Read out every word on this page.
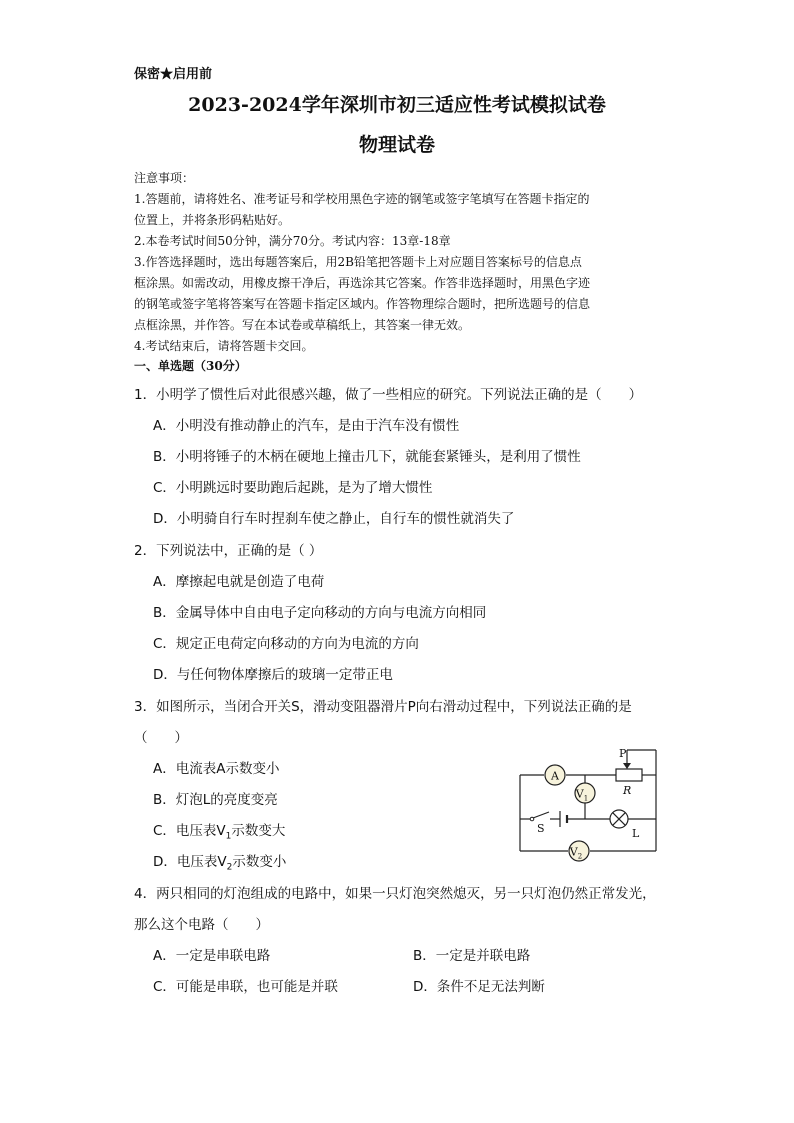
保密★启用前
2023-2024学年深圳市初三适应性考试模拟试卷
物理试卷
注意事项：
1.答题前，请将姓名、准考证号和学校用黑色字迹的钢笔或签字笔填写在答题卡指定的
位置上，并将条形码粘贴好。
2.本卷考试时间50分钟，满分70分。考试内容：13章-18章
3.作答选择题时，选出每题答案后，用2B铅笔把答题卡上对应题目答案标号的信息点
框涂黑。如需改动，用橡皮擦干净后，再选涂其它答案。作答非选择题时，用黑色字迹
的钢笔或签字笔将答案写在答题卡指定区域内。作答物理综合题时，把所选题号的信息
点框涂黑，并作答。写在本试卷或草稿纸上，其答案一律无效。
4.考试结束后，请将答题卡交回。
一、单选题（30分）
1．小明学了惯性后对此很感兴趣，做了一些相应的研究。下列说法正确的是（　　）
A．小明没有推动静止的汽车，是由于汽车没有惯性
B．小明将锤子的木柄在硬地上撞击几下，就能套紧锤头，是利用了惯性
C．小明跳远时要助跑后起跳，是为了增大惯性
D．小明骑自行车时捏刹车使之静止，自行车的惯性就消失了
2．下列说法中，正确的是（ ）
A．摩擦起电就是创造了电荷
B．金属导体中自由电子定向移动的方向与电流方向相同
C．规定正电荷定向移动的方向为电流的方向
D．与任何物体摩擦后的玻璃一定带正电
3．如图所示，当闭合开关S，滑动变阻器滑片P向右滑动过程中，下列说法正确的是
（　　）
A．电流表A示数变小
B．灯泡L的亮度变亮
C．电压表$V_1$示数变大
D．电压表$V_2$示数变小
A
$V_1$
$V_2$
P
R
S	L
4．两只相同的灯泡组成的电路中，如果一只灯泡突然熄灭，另一只灯泡仍然正常发光，
那么这个电路（　　）
A．一定是串联电路	B．一定是并联电路
C．可能是串联，也可能是并联	D．条件不足无法判断
